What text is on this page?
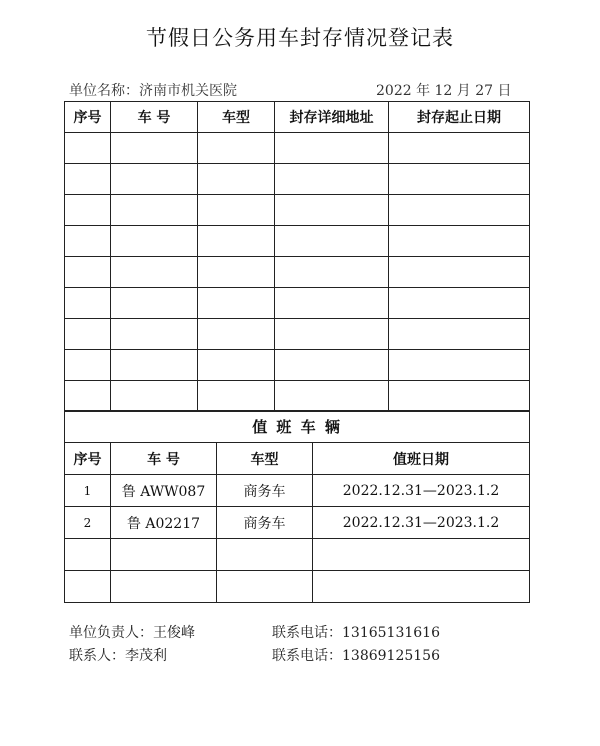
节假日公务用车封存情况登记表
单位名称：济南市机关医院	2022 年 12 月 27 日
序号	车 号	车型	封存详细地址	封存起止日期

值 班 车 辆			
序号	车 号	车型	值班日期
1	鲁 AWW087	商务车	2022.12.31—2023.1.2
2	鲁 A02217	商务车	2022.12.31—2023.1.2

单位负责人：王俊峰	联系电话：13165131616
联系人：李茂利	联系电话：13869125156
